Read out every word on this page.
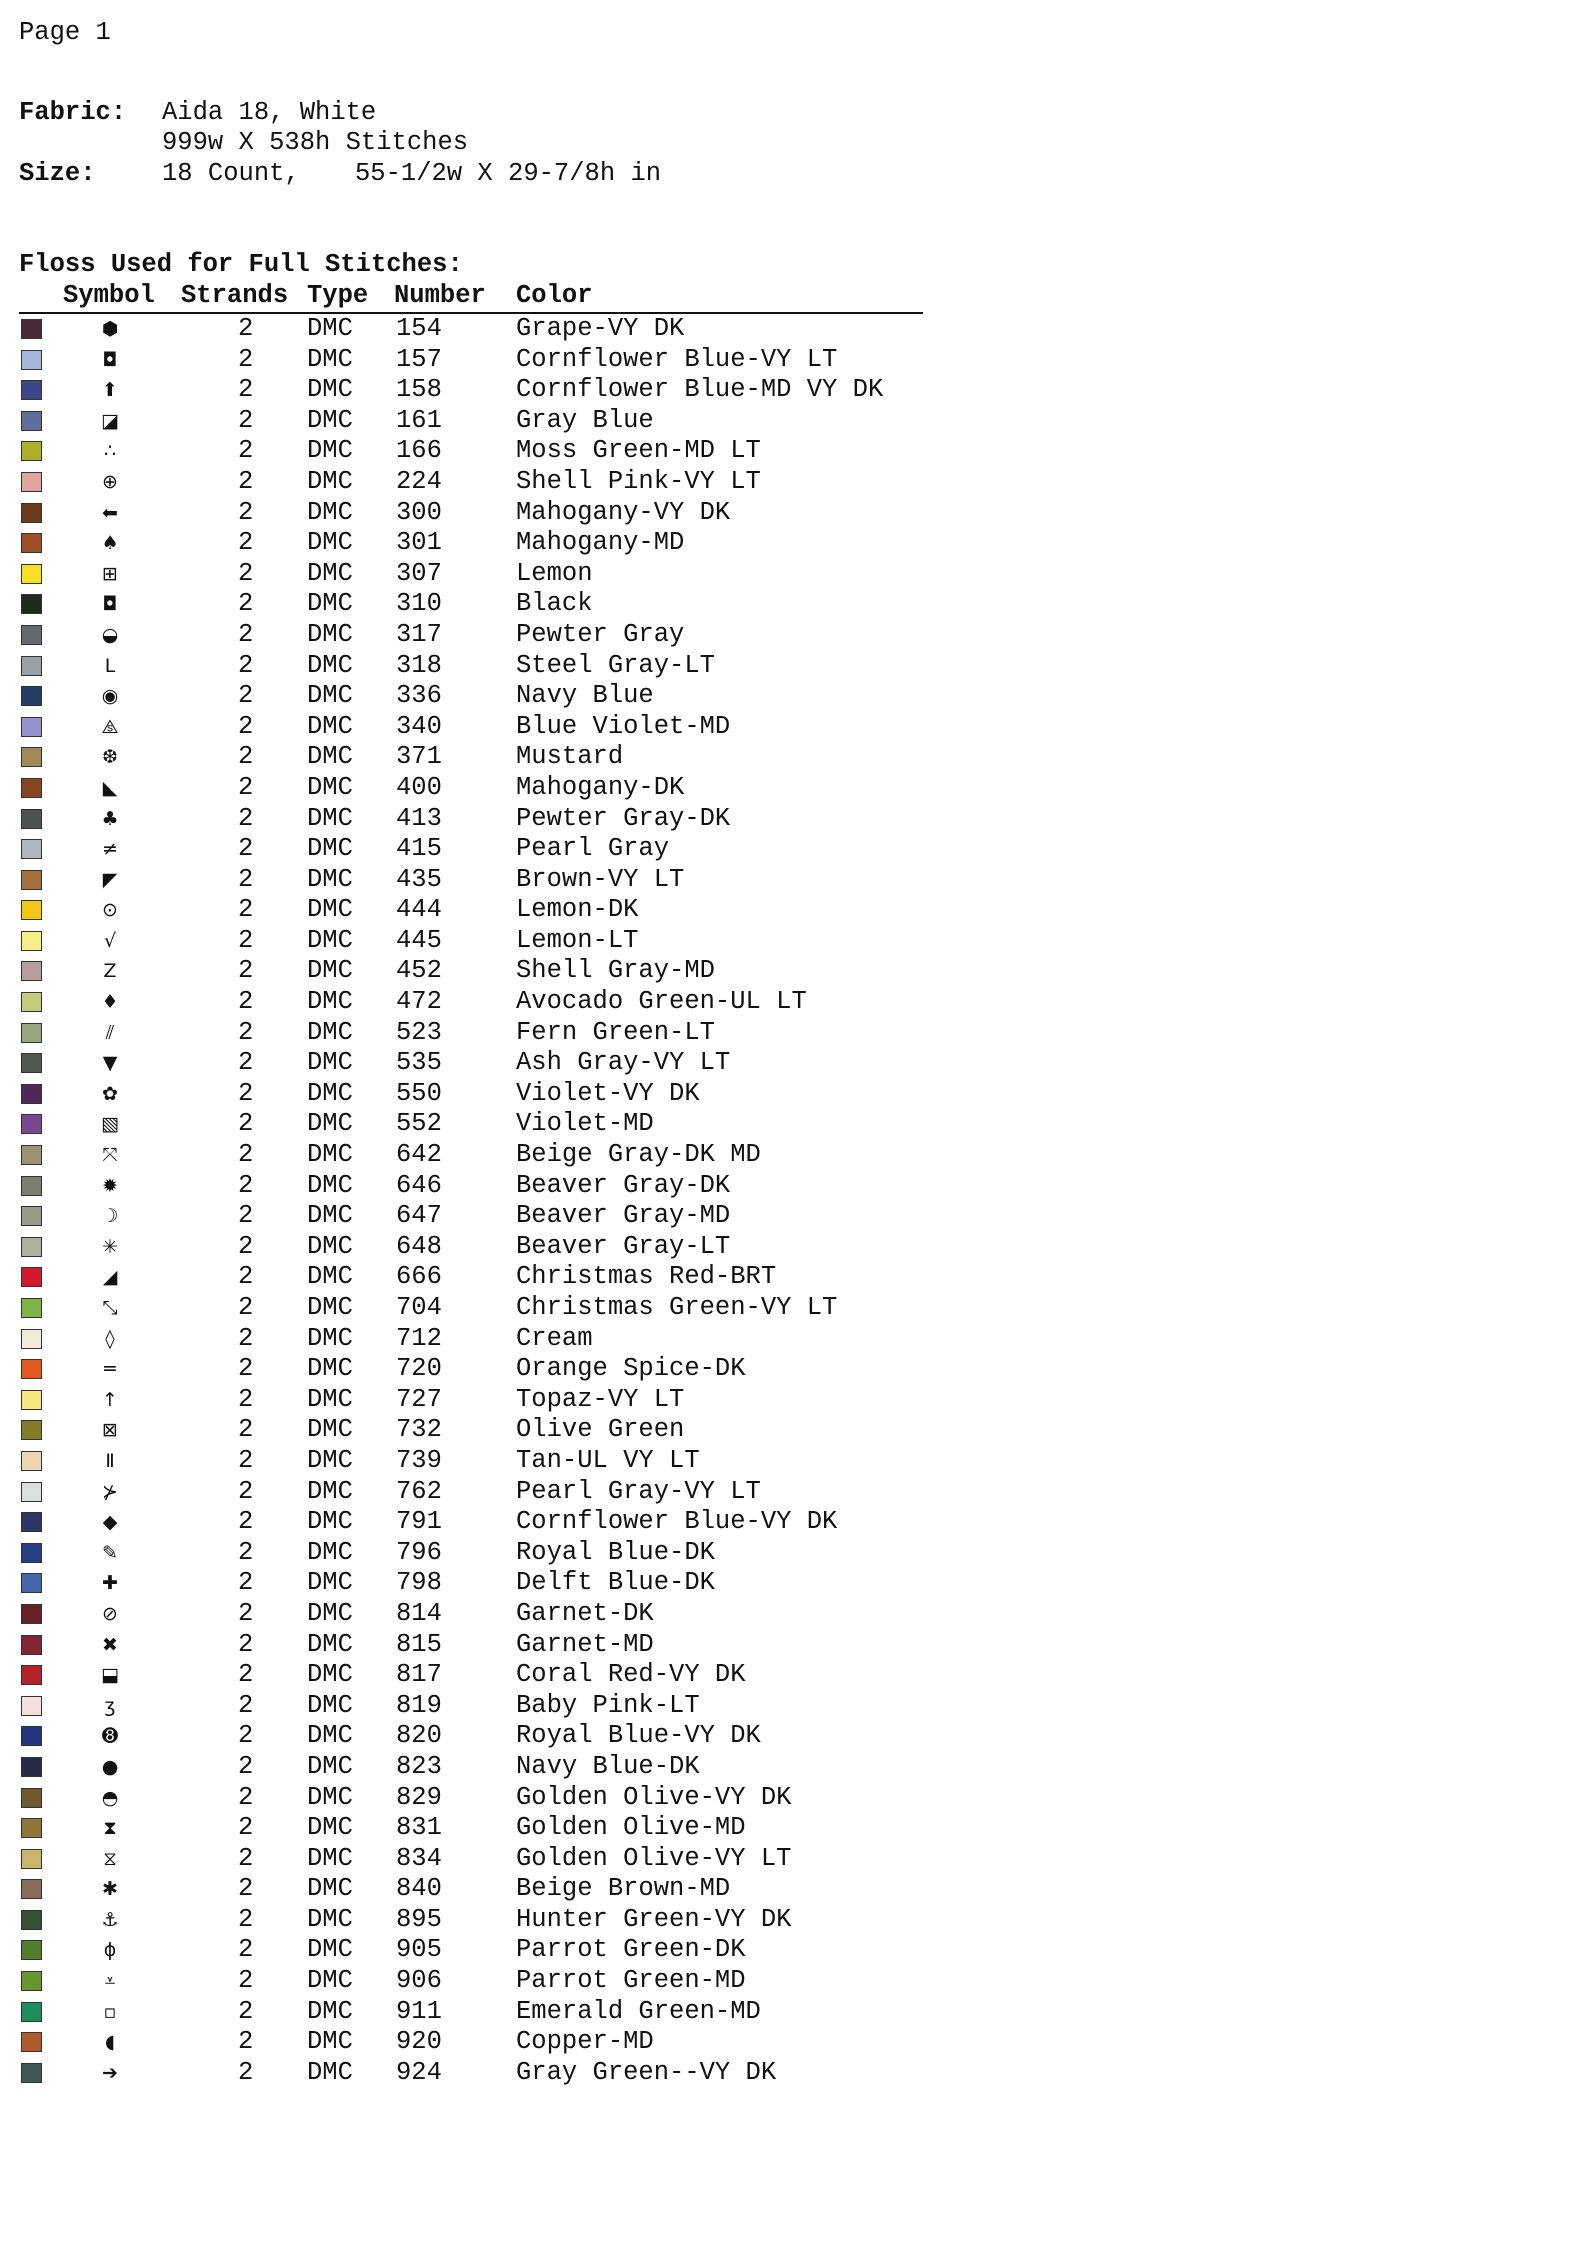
Page 1
Fabric: Aida 18, White
999w X 538h Stitches
Size:	18 Count, 55-1/2w X 29-7/8h in
Floss Used for Full Stitches:
Symbol Strands Type Number Color
⬢	2 DMC 154	Grape-VY DK
◘	2 DMC 157	Cornflower Blue-VY LT
⬆	2 DMC 158	Cornflower Blue-MD VY DK
◪	2 DMC 161	Gray Blue
∴	2 DMC 166	Moss Green-MD LT
⊕	2 DMC 224	Shell Pink-VY LT
⬅	2 DMC 300	Mahogany-VY DK
♠	2 DMC 301	Mahogany-MD
⊞	2 DMC 307	Lemon
◘	2 DMC 310	Black
◒	2 DMC 317	Pewter Gray
L	2 DMC 318	Steel Gray-LT
◉	2 DMC 336	Navy Blue
⧌	2 DMC 340	Blue Violet-MD
❆	2 DMC 371	Mustard
◣	2 DMC 400	Mahogany-DK
♣	2 DMC 413	Pewter Gray-DK
≠	2 DMC 415	Pearl Gray
◤	2 DMC 435	Brown-VY LT
⊙	2 DMC 444	Lemon-DK
√	2 DMC 445	Lemon-LT
Z	2 DMC 452	Shell Gray-MD
♦	2 DMC 472	Avocado Green-UL LT
⫽	2 DMC 523	Fern Green-LT
▼	2 DMC 535	Ash Gray-VY LT
✿	2 DMC 550	Violet-VY DK
▧	2 DMC 552	Violet-MD
⤧	2 DMC 642	Beige Gray-DK MD
✹	2 DMC 646	Beaver Gray-DK
☽	2 DMC 647	Beaver Gray-MD
✳	2 DMC 648	Beaver Gray-LT
◢	2 DMC 666	Christmas Red-BRT
⤡	2 DMC 704	Christmas Green-VY LT
◊	2 DMC 712	Cream
═	2 DMC 720	Orange Spice-DK
↑	2 DMC 727	Topaz-VY LT
⊠	2 DMC 732	Olive Green
Ⅱ	2 DMC 739	Tan-UL VY LT
⊁	2 DMC 762	Pearl Gray-VY LT
◆	2 DMC 791	Cornflower Blue-VY DK
✎	2 DMC 796	Royal Blue-DK
✚	2 DMC 798	Delft Blue-DK
⊘	2 DMC 814	Garnet-DK
✖	2 DMC 815	Garnet-MD
⬓	2 DMC 817	Coral Red-VY DK
ʒ	2 DMC 819	Baby Pink-LT
➑	2 DMC 820	Royal Blue-VY DK
●	2 DMC 823	Navy Blue-DK
◓	2 DMC 829	Golden Olive-VY DK
⧗	2 DMC 831	Golden Olive-MD
⧖	2 DMC 834	Golden Olive-VY LT
✱	2 DMC 840	Beige Brown-MD
⚓	2 DMC 895	Hunter Green-VY DK
ɸ	2 DMC 905	Parrot Green-DK
⩡	2 DMC 906	Parrot Green-MD
▫	2 DMC 911	Emerald Green-MD
◖	2 DMC 920	Copper-MD
➔	2 DMC 924	Gray Green--VY DK
